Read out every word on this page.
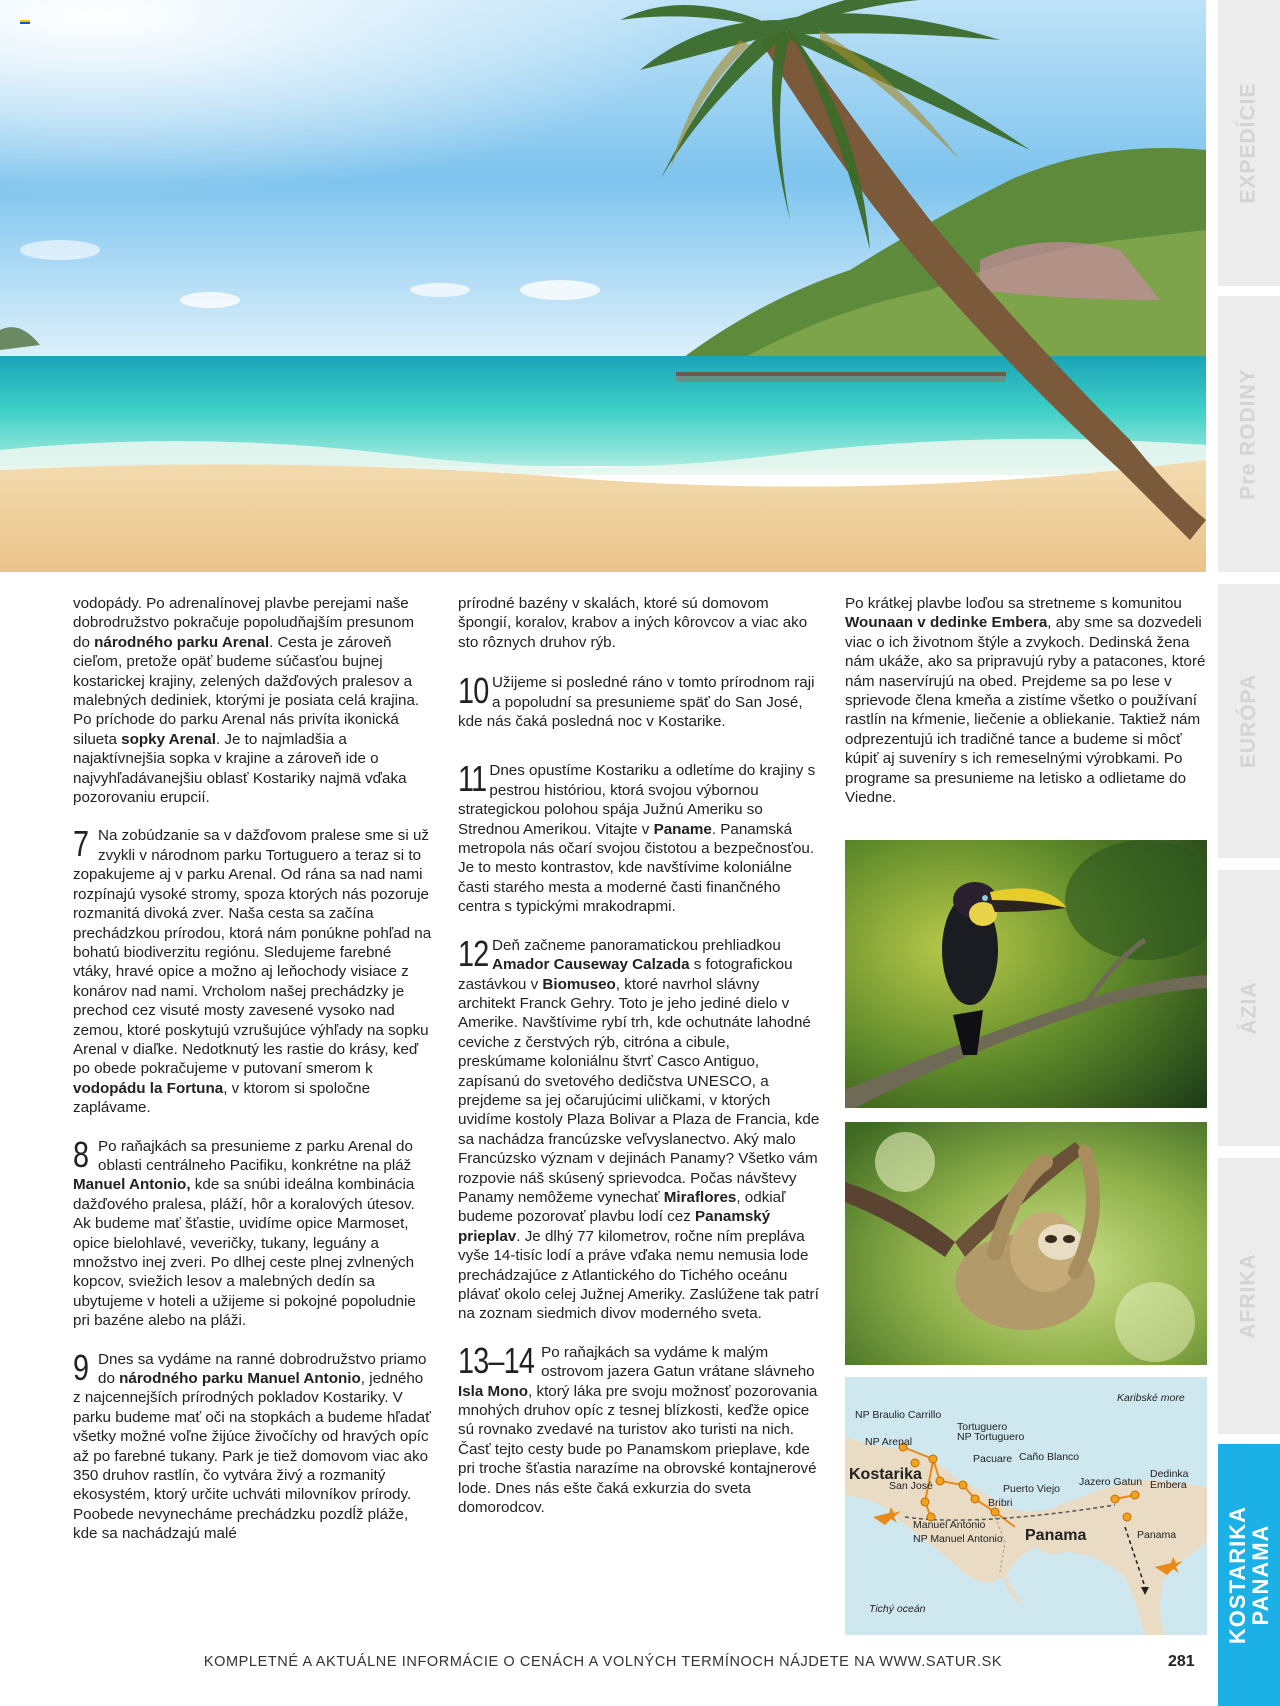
EXPEDÍCIE
Pre RODINY
EURÓPA
ÁZIA
AFRIKA
KOSTARIKA
PANAMA

vodopády. Po adrenalínovej plavbe perejami naše dobrodružstvo pokračuje popoludňajším presunom do národného parku Arenal. Cesta je zároveň cieľom, pretože opäť budeme súčasťou bujnej kostarickej krajiny, zelených dažďových pralesov a malebných dediniek, ktorými je posiata celá krajina. Po príchode do parku Arenal nás privíta ikonická silueta sopky Arenal. Je to najmladšia a najaktívnejšia sopka v krajine a zároveň ide o najvyhľadávanejšiu oblasť Kostariky najmä vďaka pozorovaniu erupcií.

7 Na zobúdzanie sa v dažďovom pralese sme si už zvykli v národnom parku Tortuguero a teraz si to zopakujeme aj v parku Arenal. Od rána sa nad nami rozpínajú vysoké stromy, spoza ktorých nás pozoruje rozmanitá divoká zver. Naša cesta sa začína prechádzkou prírodou, ktorá nám ponúkne pohľad na bohatú biodiverzitu regiónu. Sledujeme farebné vtáky, hravé opice a možno aj leňochody visiace z konárov nad nami. Vrcholom našej prechádzky je prechod cez visuté mosty zavesené vysoko nad zemou, ktoré poskytujú vzrušujúce výhľady na sopku Arenal v diaľke. Nedotknutý les rastie do krásy, keď po obede pokračujeme v putovaní smerom k vodopádu la Fortuna, v ktorom si spoločne zaplávame.

8 Po raňajkách sa presunieme z parku Arenal do oblasti centrálneho Pacifiku, konkrétne na pláž Manuel Antonio, kde sa snúbi ideálna kombinácia dažďového pralesa, pláží, hôr a koralových útesov. Ak budeme mať šťastie, uvidíme opice Marmoset, opice bielohlavé, veveričky, tukany, leguány a množstvo inej zveri. Po dlhej ceste plnej zvlnených kopcov, sviežich lesov a malebných dedín sa ubytujeme v hoteli a užijeme si pokojné popoludnie pri bazéne alebo na pláži.

9 Dnes sa vydáme na ranné dobrodružstvo priamo do národného parku Manuel Antonio, jedného z najcennejších prírodných pokladov Kostariky. V parku budeme mať oči na stopkách a budeme hľadať všetky možné voľne žijúce živočíchy od hravých opíc až po farebné tukany. Park je tiež domovom viac ako 350 druhov rastlín, čo vytvára živý a rozmanitý ekosystém, ktorý určite uchváti milovníkov prírody. Poobede nevynecháme prechádzku pozdĺž pláže, kde sa nachádzajú malé

prírodné bazény v skalách, ktoré sú domovom špongií, koralov, krabov a iných kôrovcov a viac ako sto rôznych druhov rýb.

10 Užijeme si posledné ráno v tomto prírodnom raji a popoludní sa presunieme späť do San José, kde nás čaká posledná noc v Kostarike.

11 Dnes opustíme Kostariku a odletíme do krajiny s pestrou históriou, ktorá svojou výbornou strategickou polohou spája Južnú Ameriku so Strednou Amerikou. Vitajte v Paname. Panamská metropola nás očarí svojou čistotou a bezpečnosťou. Je to mesto kontrastov, kde navštívime koloniálne časti starého mesta a moderné časti finančného centra s typickými mrakodrapmi.

12 Deň začneme panoramatickou prehliadkou Amador Causeway Calzada s fotografickou zastávkou v Biomuseo, ktoré navrhol slávny architekt Franck Gehry. Toto je jeho jediné dielo v Amerike. Navštívime rybí trh, kde ochutnáte lahodné ceviche z čerstvých rýb, citróna a cibule, preskúmame koloniálnu štvrť Casco Antiguo, zapísanú do svetového dedičstva UNESCO, a prejdeme sa jej očarujúcimi uličkami, v ktorých uvidíme kostoly Plaza Bolivar a Plaza de Francia, kde sa nachádza francúzske veľvyslanectvo. Aký malo Francúzsko význam v dejinách Panamy? Všetko vám rozpovie náš skúsený sprievodca. Počas návštevy Panamy nemôžeme vynechať Miraflores, odkiaľ budeme pozorovať plavbu lodí cez Panamský prieplav. Je dlhý 77 kilometrov, ročne ním preplávа vyše 14-tisíc lodí a práve vďaka nemu nemusia lode prechádzajúce z Atlantického do Tichého oceánu plávať okolo celej Južnej Ameriky. Zaslúžene tak patrí na zoznam siedmich divov moderného sveta.

13–14 Po raňajkách sa vydáme k malým ostrovom jazera Gatun vrátane slávneho Isla Mono, ktorý láka pre svoju možnosť pozorovania mnohých druhov opíc z tesnej blízkosti, keďže opice sú rovnako zvedavé na turistov ako turisti na nich. Časť tejto cesty bude po Panamskom prieplave, kde pri troche šťastia narazíme na obrovské kontajnerové lode. Dnes nás ešte čaká exkurzia do sveta domorodcov.

Po krátkej plavbe loďou sa stretneme s komunitou Wounaan v dedinke Embera, aby sme sa dozvedeli viac o ich životnom štýle a zvykoch. Dedinská žena nám ukáže, ako sa pripravujú ryby a patacones, ktoré nám naservírujú na obed. Prejdeme sa po lese v sprievode člena kmeňa a zistíme všetko o používaní rastlín na kŕmenie, liečenie a obliekanie. Taktiež nám odprezentujú ich tradičné tance a budeme si môcť kúpiť aj suveníry s ich remeselnými výrobkami. Po programe sa presunieme na letisko a odlietame do Viedne.

Karibské more
NP Braulio Carrillo
Tortuguero
NP Tortuguero
NP Arenal
Pacuare Caño Blanco
Kostarika
San José	Puerto Viejo
Jazero Gatun
Dedinka
Embera
Bribri
Manuel Antonio
NP Manuel Antonio Panama	Panama
Tichý oceán
KOMPLETNÉ A AKTUÁLNE INFORMÁCIE O CENÁCH A VOLNÝCH TERMÍNOCH NÁJDETE NA WWW.SATUR.SK	281
